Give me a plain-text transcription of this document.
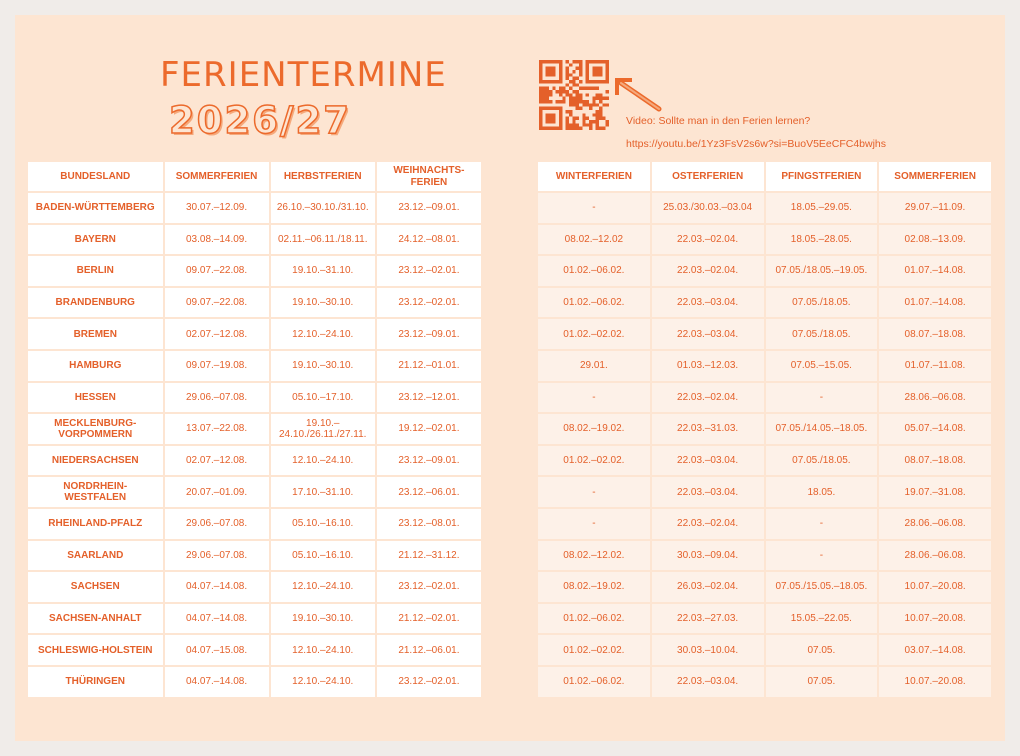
FERIENTERMINE
2026/27	Video: Sollte man in den Ferien lernen?
https://youtu.be/1Yz3FsV2s6w?si=BuoV5EeCFC4bwjhs
BUNDESLAND	SOMMERFERIEN	HERBSTFERIEN	WEIHNACHTS-
FERIEN
BADEN-WÜRTTEMBERG	30.07.–12.09.	26.10.–30.10./31.10.	23.12.–09.01.
BAYERN	03.08.–14.09.	02.11.–06.11./18.11.	24.12.–08.01.
BERLIN	09.07.–22.08.	19.10.–31.10.	23.12.–02.01.
BRANDENBURG	09.07.–22.08.	19.10.–30.10.	23.12.–02.01.
BREMEN	02.07.–12.08.	12.10.–24.10.	23.12.–09.01.
HAMBURG	09.07.–19.08.	19.10.–30.10.	21.12.–01.01.
HESSEN	29.06.–07.08.	05.10.–17.10.	23.12.–12.01.
MECKLENBURG-
VORPOMMERN	13.07.–22.08.	19.10.–
24.10./26.11./27.11.	19.12.–02.01.
NIEDERSACHSEN	02.07.–12.08.	12.10.–24.10.	23.12.–09.01.
NORDRHEIN-
WESTFALEN	20.07.–01.09.	17.10.–31.10.	23.12.–06.01.
RHEINLAND-PFALZ	29.06.–07.08.	05.10.–16.10.	23.12.–08.01.
SAARLAND	29.06.–07.08.	05.10.–16.10.	21.12.–31.12.
SACHSEN	04.07.–14.08.	12.10.–24.10.	23.12.–02.01.
SACHSEN-ANHALT	04.07.–14.08.	19.10.–30.10.	21.12.–02.01.
SCHLESWIG-HOLSTEIN	04.07.–15.08.	12.10.–24.10.	21.12.–06.01.
THÜRINGEN	04.07.–14.08.	12.10.–24.10.	23.12.–02.01.
WINTERFERIEN	OSTERFERIEN	PFINGSTFERIEN	SOMMERFERIEN
-	25.03./30.03.–03.04	18.05.–29.05.	29.07.–11.09.
08.02.–12.02	22.03.–02.04.	18.05.–28.05.	02.08.–13.09.
01.02.–06.02.	22.03.–02.04.	07.05./18.05.–19.05.	01.07.–14.08.
01.02.–06.02.	22.03.–03.04.	07.05./18.05.	01.07.–14.08.
01.02.–02.02.	22.03.–03.04.	07.05./18.05.	08.07.–18.08.
29.01.	01.03.–12.03.	07.05.–15.05.	01.07.–11.08.
-	22.03.–02.04.	-	28.06.–06.08.
08.02.–19.02.	22.03.–31.03.	07.05./14.05.–18.05.	05.07.–14.08.
01.02.–02.02.	22.03.–03.04.	07.05./18.05.	08.07.–18.08.
-	22.03.–03.04.	18.05.	19.07.–31.08.
-	22.03.–02.04.	-	28.06.–06.08.
08.02.–12.02.	30.03.–09.04.	-	28.06.–06.08.
08.02.–19.02.	26.03.–02.04.	07.05./15.05.–18.05.	10.07.–20.08.
01.02.–06.02.	22.03.–27.03.	15.05.–22.05.	10.07.–20.08.
01.02.–02.02.	30.03.–10.04.	07.05.	03.07.–14.08.
01.02.–06.02.	22.03.–03.04.	07.05.	10.07.–20.08.
